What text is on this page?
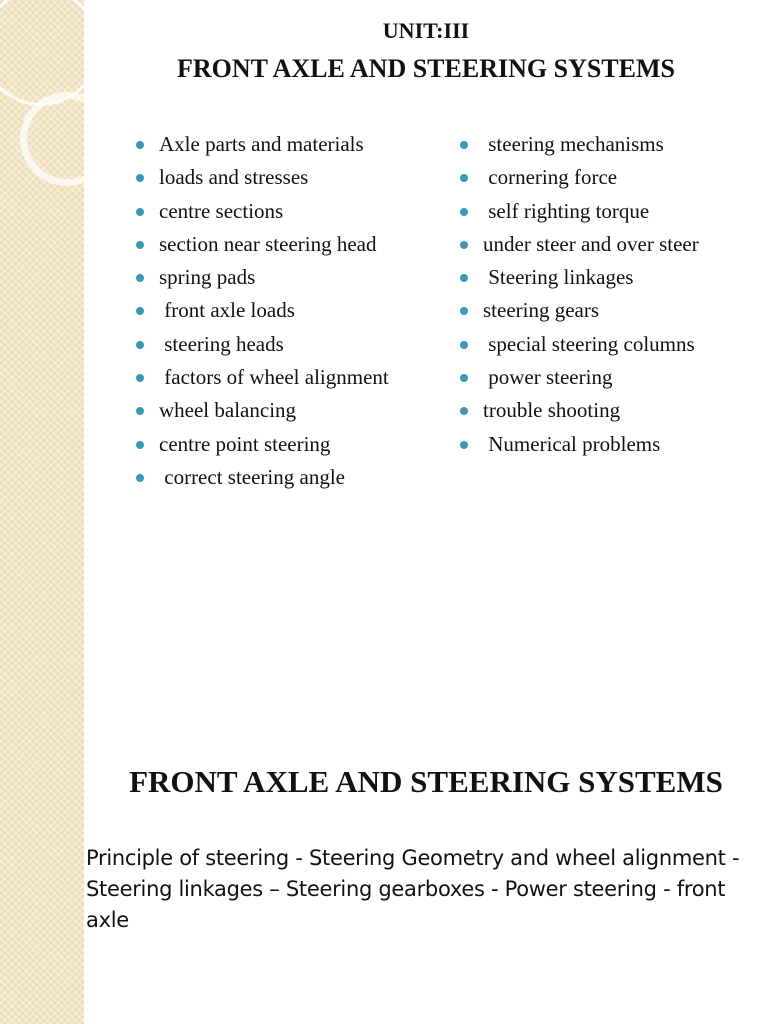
UNIT:III
FRONT AXLE AND STEERING SYSTEMS
Axle parts and materials
loads and stresses
centre sections
section near steering head
spring pads
front axle loads
steering heads
factors of wheel alignment
wheel balancing
centre point steering
correct steering angle
steering mechanisms
cornering force
self righting torque
under steer and over steer
Steering linkages
steering gears
special steering columns
power steering
trouble shooting
Numerical problems
FRONT AXLE AND STEERING SYSTEMS

Principle of steering - Steering Geometry and wheel alignment - Steering linkages – Steering gearboxes - Power steering - front axle
